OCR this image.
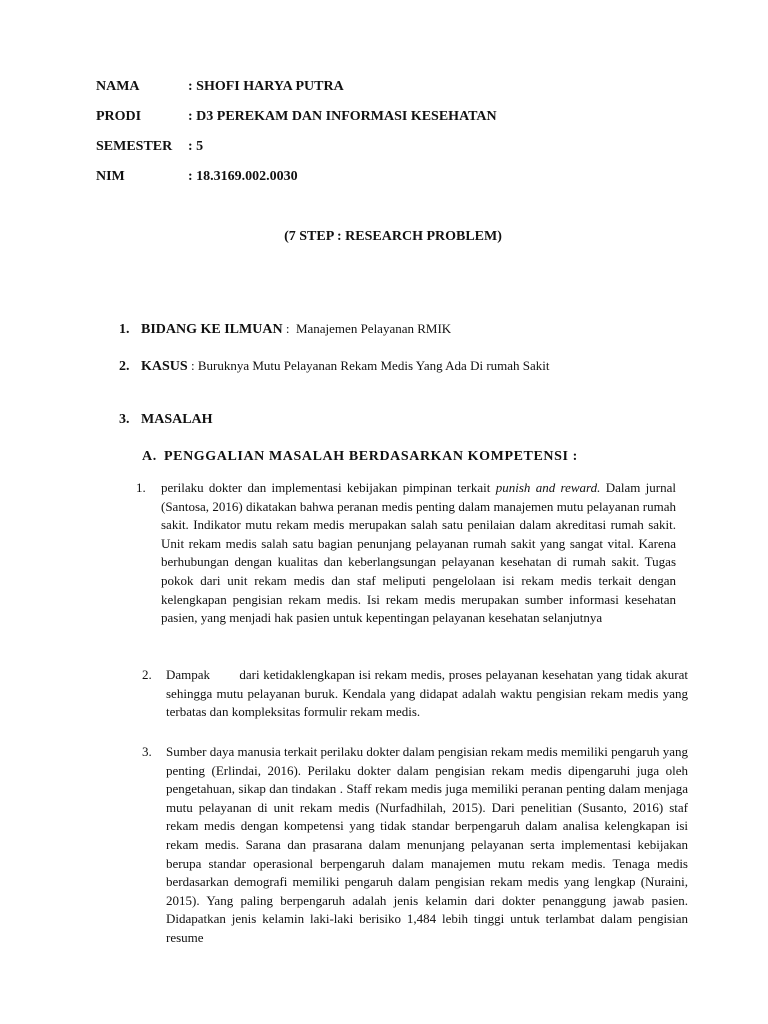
NAMA	: SHOFI HARYA PUTRA
PRODI	: D3 PEREKAM DAN INFORMASI KESEHATAN
SEMESTER : 5
NIM	: 18.3169.002.0030
(7 STEP : RESEARCH PROBLEM)
1. BIDANG KE ILMUAN :  Manajemen Pelayanan RMIK
2. KASUS : Buruknya Mutu Pelayanan Rekam Medis Yang Ada Di rumah Sakit
3. MASALAH
A. PENGGALIAN MASALAH BERDASARKAN KOMPETENSI :
1. perilaku dokter dan implementasi kebijakan pimpinan terkait punish and reward. Dalam jurnal (Santosa, 2016) dikatakan bahwa peranan medis penting dalam manajemen mutu pelayanan rumah sakit. Indikator mutu rekam medis merupakan salah satu penilaian dalam akreditasi rumah sakit. Unit rekam medis salah satu bagian penunjang pelayanan rumah sakit yang sangat vital. Karena berhubungan dengan kualitas dan keberlangsungan pelayanan kesehatan di rumah sakit. Tugas pokok dari unit rekam medis dan staf meliputi pengelolaan isi rekam medis terkait dengan kelengkapan pengisian rekam medis. Isi rekam medis merupakan sumber informasi kesehatan pasien, yang menjadi hak pasien untuk kepentingan pelayanan kesehatan selanjutnya
2. Dampak        dari ketidaklengkapan isi rekam medis, proses pelayanan kesehatan yang tidak akurat sehingga mutu pelayanan buruk. Kendala yang didapat adalah waktu pengisian rekam medis yang terbatas dan kompleksitas formulir rekam medis.
3. Sumber daya manusia terkait perilaku dokter dalam pengisian rekam medis memiliki pengaruh yang penting (Erlindai, 2016). Perilaku dokter dalam pengisian rekam medis dipengaruhi juga oleh pengetahuan, sikap dan tindakan . Staff rekam medis juga memiliki peranan penting dalam menjaga mutu pelayanan di unit rekam medis (Nurfadhilah, 2015). Dari penelitian (Susanto, 2016) staf rekam medis dengan kompetensi yang tidak standar berpengaruh dalam analisa kelengkapan isi rekam medis. Sarana dan prasarana dalam menunjang pelayanan serta implementasi kebijakan berupa standar operasional berpengaruh dalam manajemen mutu rekam medis. Tenaga medis berdasarkan demografi memiliki pengaruh dalam pengisian rekam medis yang lengkap (Nuraini, 2015). Yang paling berpengaruh adalah jenis kelamin dari dokter penanggung jawab pasien. Didapatkan jenis kelamin laki-laki berisiko 1,484 lebih tinggi untuk terlambat dalam pengisian resume
